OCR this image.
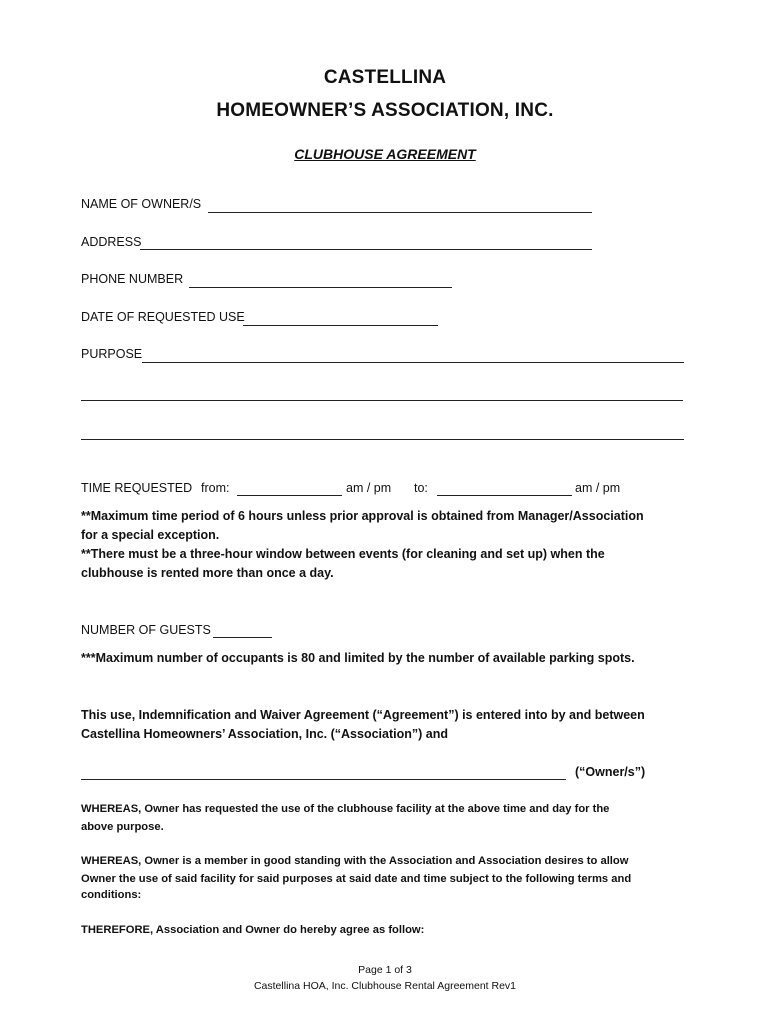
CASTELLINA
HOMEOWNER’S ASSOCIATION, INC.
CLUBHOUSE AGREEMENT
NAME OF OWNER/S
ADDRESS
PHONE NUMBER
DATE OF REQUESTED USE
PURPOSE
TIME REQUESTED from:	am / pm to:	am / pm
**Maximum time period of 6 hours unless prior approval is obtained from Manager/Association
for a special exception.
**There must be a three-hour window between events (for cleaning and set up) when the
clubhouse is rented more than once a day.
NUMBER OF GUESTS
***Maximum number of occupants is 80 and limited by the number of available parking spots.
This use, Indemnification and Waiver Agreement (“Agreement”) is entered into by and between
Castellina Homeowners’ Association, Inc. (“Association”) and
(“Owner/s”)
WHEREAS, Owner has requested the use of the clubhouse facility at the above time and day for the
above purpose.
WHEREAS, Owner is a member in good standing with the Association and Association desires to allow
Owner the use of said facility for said purposes at said date and time subject to the following terms and
conditions:
THEREFORE, Association and Owner do hereby agree as follow:
Page 1 of 3
Castellina HOA, Inc. Clubhouse Rental Agreement Rev1
